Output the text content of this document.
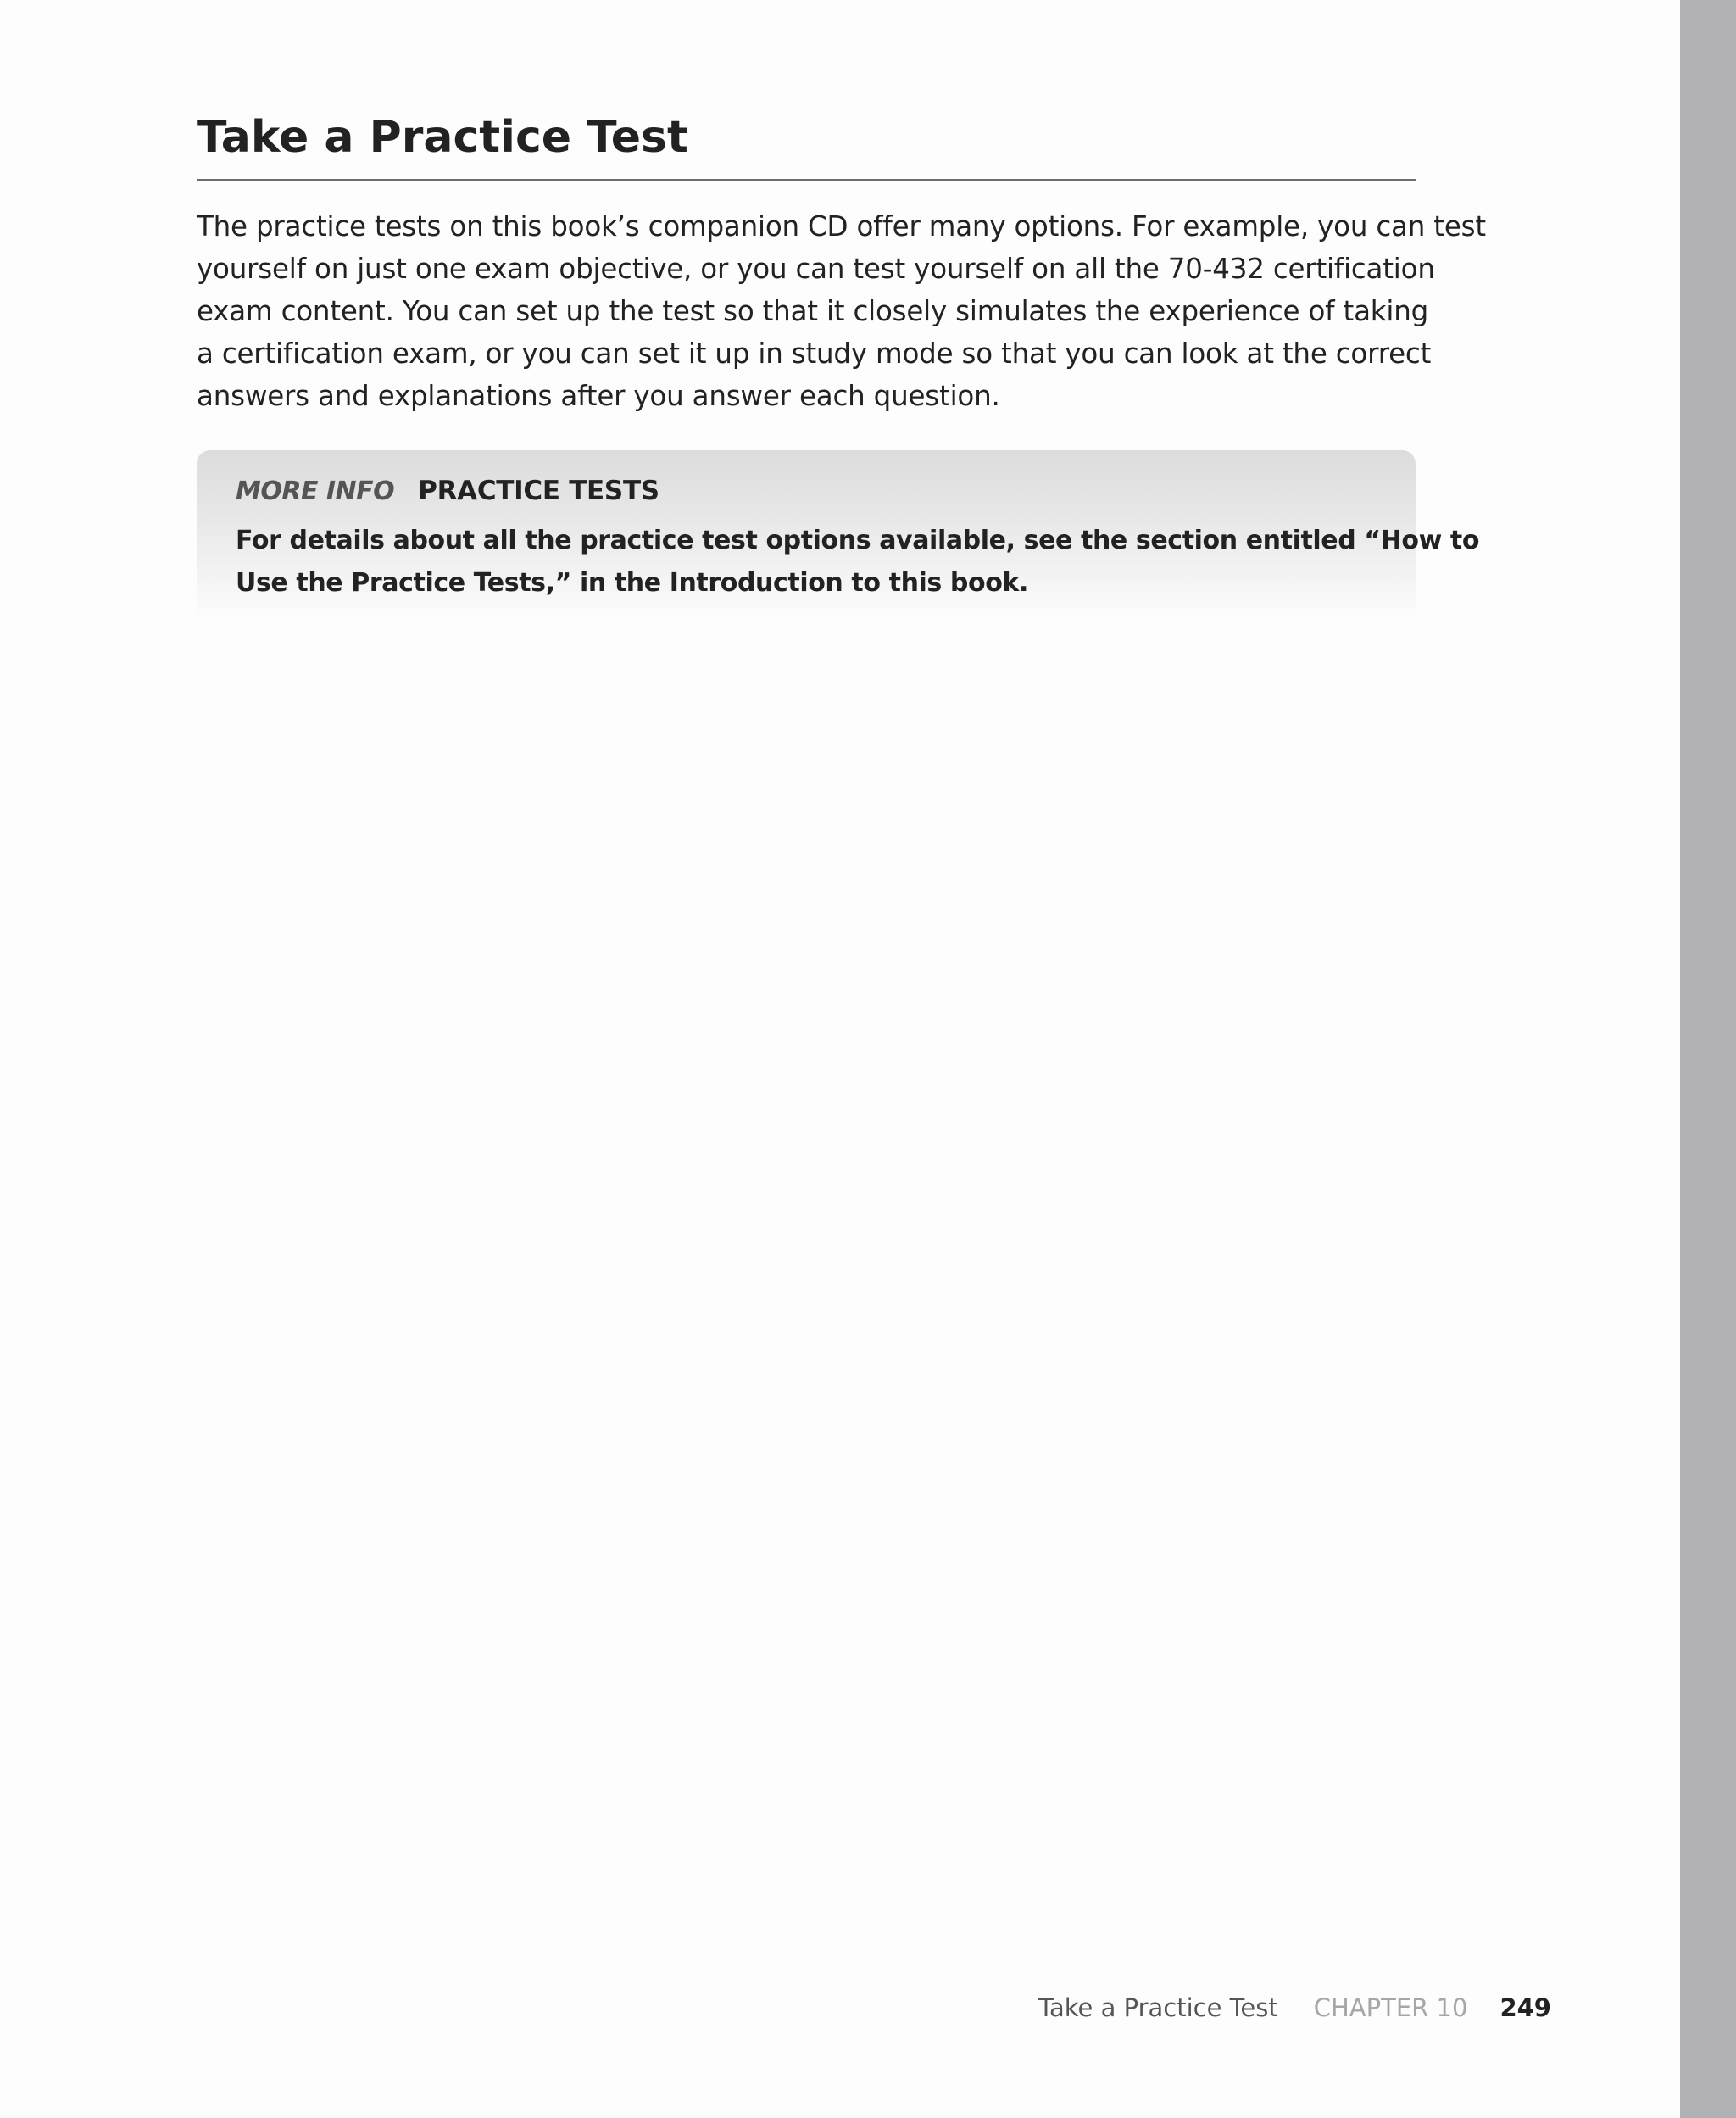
Take a Practice Test
The practice tests on this book’s companion CD offer many options. For example, you can test
yourself on just one exam objective, or you can test yourself on all the 70-432 certification
exam content. You can set up the test so that it closely simulates the experience of taking
a certification exam, or you can set it up in study mode so that you can look at the correct
answers and explanations after you answer each question.
MORE INFO PRACTICE TESTS
For details about all the practice test options available, see the section entitled “How to
Use the Practice Tests,” in the Introduction to this book.
Take a Practice Test CHAPTER 10 249
